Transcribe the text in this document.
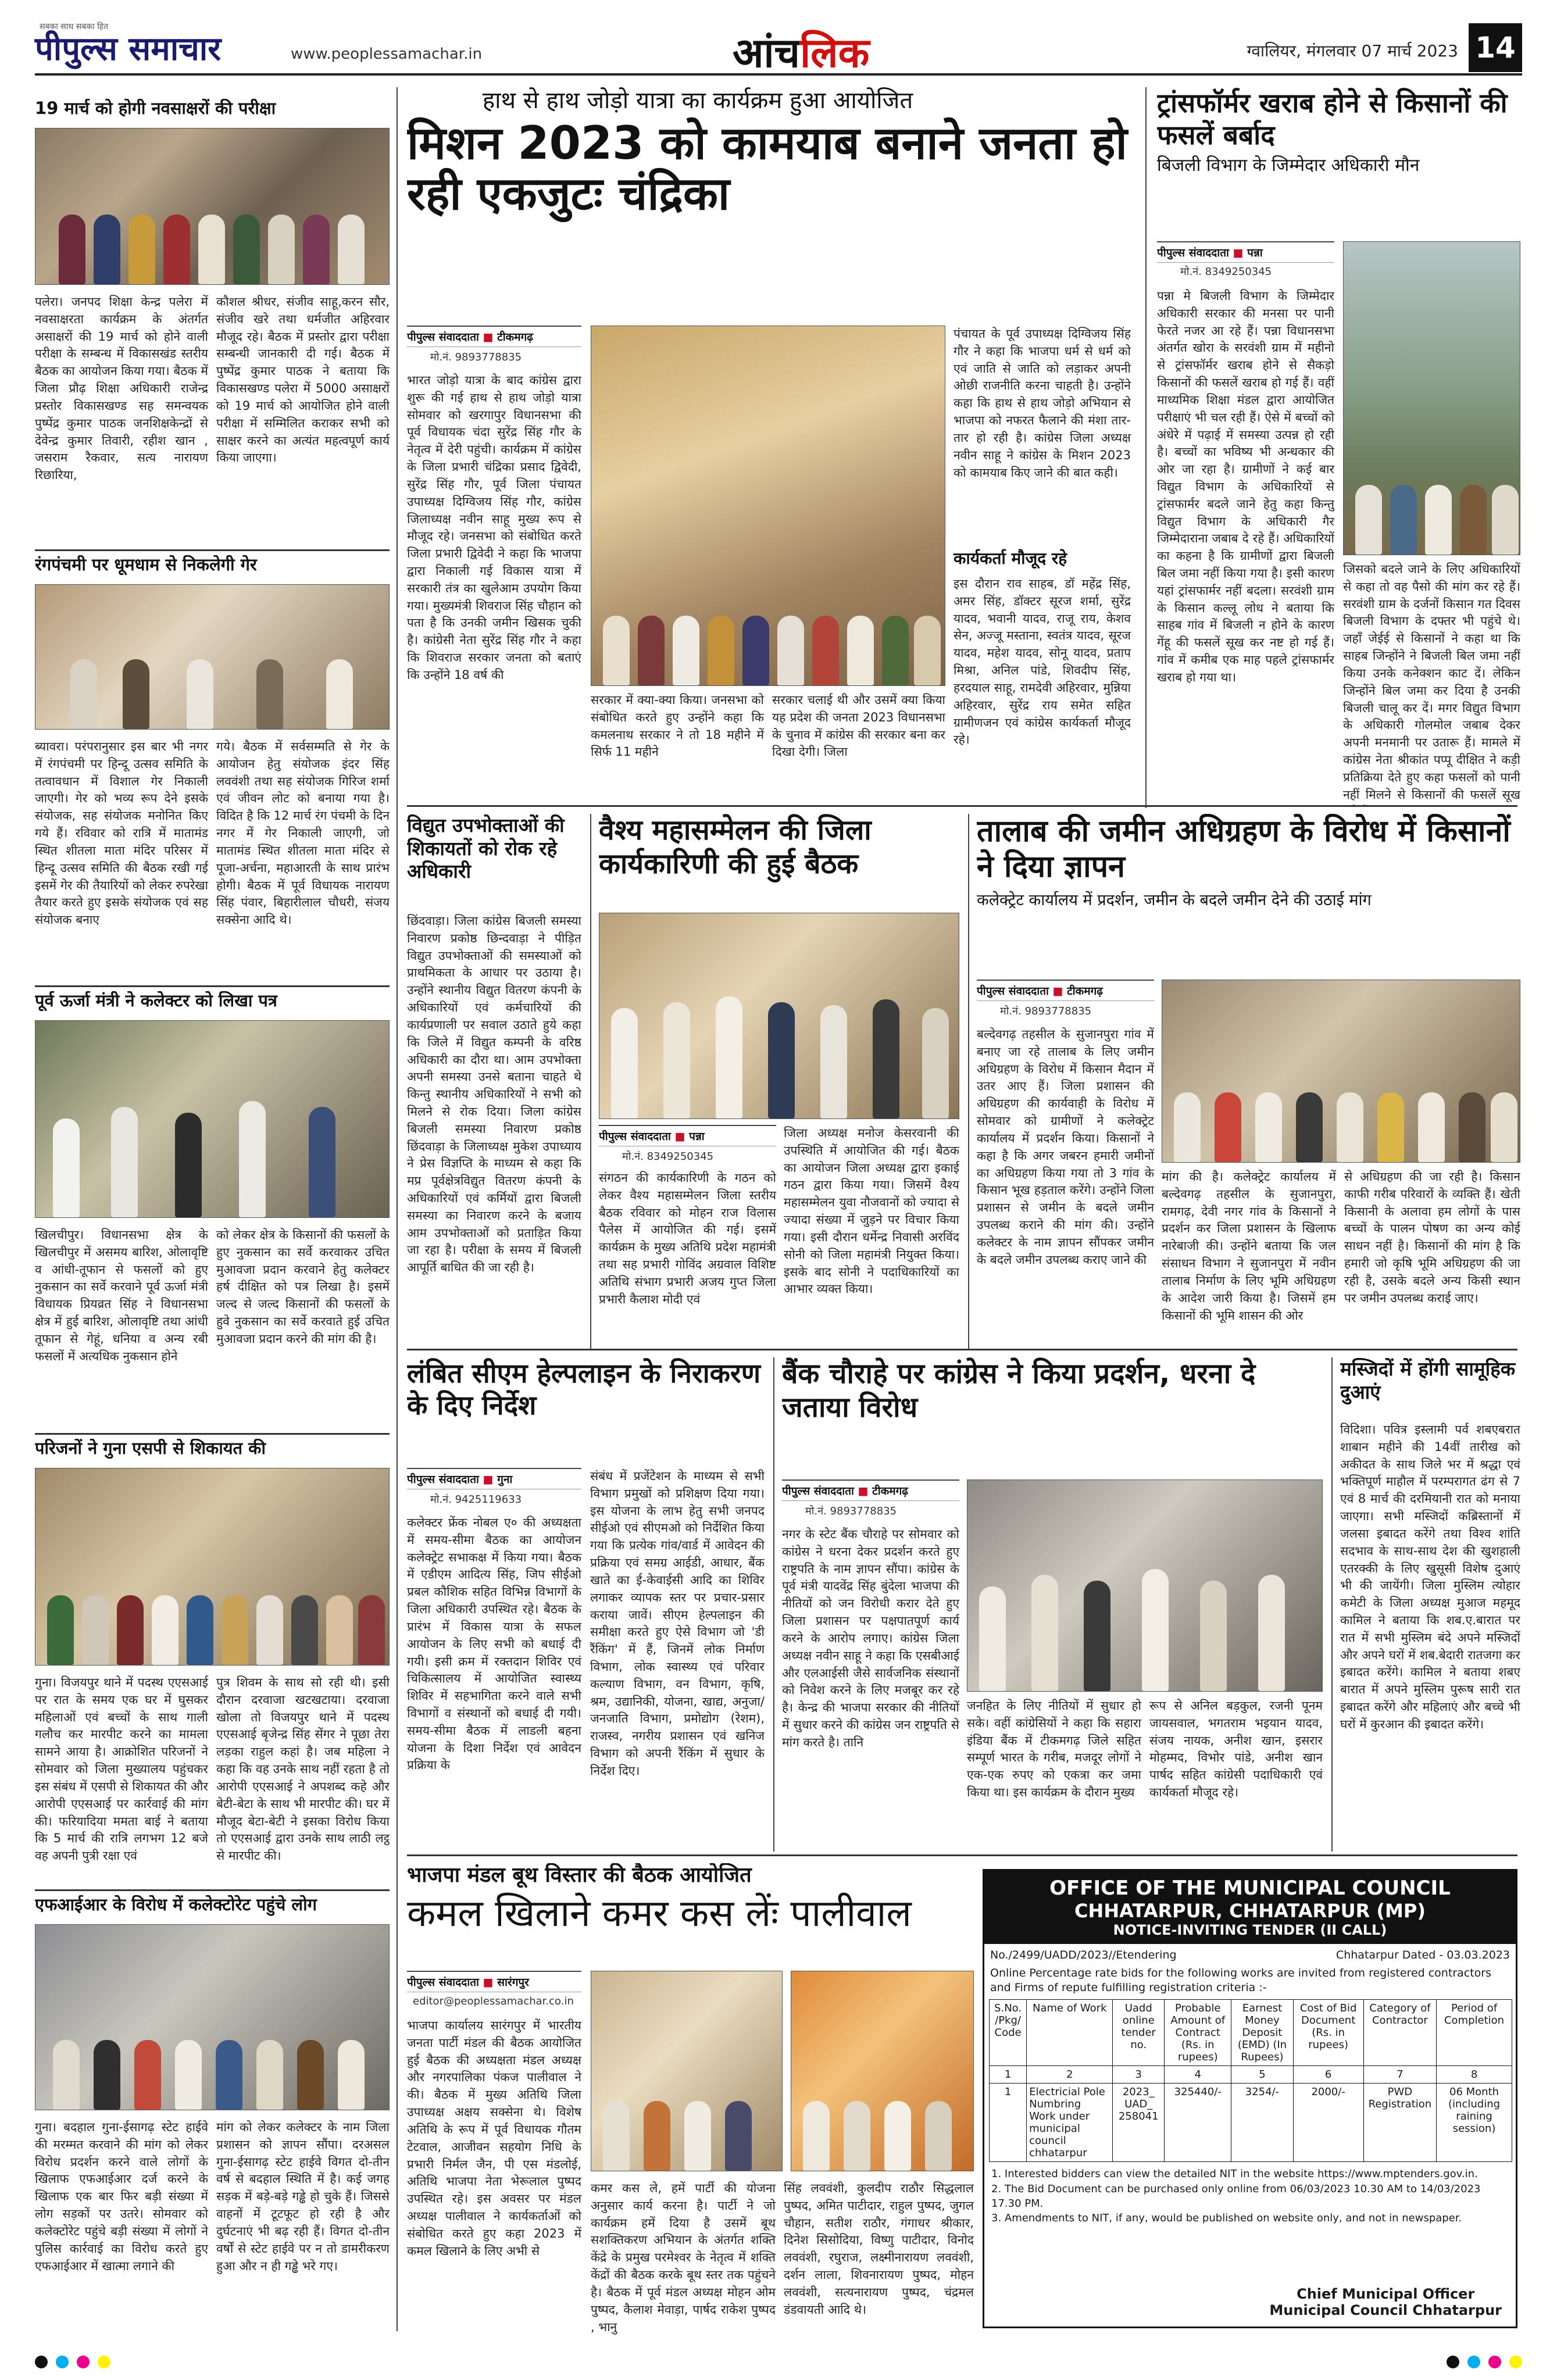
सबका साथ सबका हित
पीपुल्स समाचार	www.peoplessamachar.in	आंचलिक	ग्वालियर, मंगलवार 07 मार्च 2023 14
19 मार्च को होगी नवसाक्षरों की परीक्षा
पलेरा। जनपद शिक्षा केन्द्र पलेरा में नवसाक्षरता कार्यक्रम के अंतर्गत असाक्षरों की 19 मार्च को होने वाली परीक्षा के सम्बन्ध में विकासखंड स्तरीय बैठक का आयोजन किया गया। बैठक में जिला प्रौढ़ शिक्षा अधिकारी राजेन्द्र प्रस्तोर विकासखण्ड सह समन्वयक पुष्पेंद्र कुमार पाठक जनशिक्षकेन्द्रों से देवेन्द्र कुमार तिवारी, रहीश खान , जसराम रैकवार, सत्य नारायण रिछारिया,
कौशल श्रीधर, संजीव साहू,करन सौर, संजीव खरे तथा धर्मजीत अहिरवार मौजूद रहे। बैठक में प्रस्तोर द्वारा परीक्षा सम्बन्धी जानकारी दी गई। बैठक में पुष्पेंद्र कुमार पाठक ने बताया कि विकासखण्ड पलेरा में 5000 असाक्षरों को 19 मार्च को आयोजित होने वाली परीक्षा में सम्मिलित कराकर सभी को साक्षर करने का अत्यंत महत्वपूर्ण कार्य किया जाएगा।
रंगपंचमी पर धूमधाम से निकलेगी गेर
ब्यावरा। परंपरानुसार इस बार भी नगर में रंगपंचमी पर हिन्दू उत्सव समिति के तत्वावधान में विशाल गेर निकाली जाएगी। गेर को भव्य रूप देने इसके संयोजक, सह संयोजक मनोनित किए गये हैं। रविवार को रात्रि में मातामंड स्थित शीतला माता मंदिर परिसर में हिन्दू उत्सव समिति की बैठक रखी गई इसमें गेर की तैयारियों को लेकर रुपरेखा तैयार करते हुए इसके संयोजक एवं सह संयोजक बनाए
गये। बैठक में सर्वसम्मति से गेर के आयोजन हेतु संयोजक इंदर सिंह लववंशी तथा सह संयोजक गिरिज शर्मा एवं जीवन लोट को बनाया गया है। विदित है कि 12 मार्च रंग पंचमी के दिन नगर में गेर निकाली जाएगी, जो मातामंड स्थित शीतला माता मंदिर से पूजा-अर्चना, महाआरती के साथ प्रारंभ होगी। बैठक में पूर्व विधायक नारायण सिंह पंवार, बिहारीलाल चौधरी, संजय सक्सेना आदि थे।
पूर्व ऊर्जा मंत्री ने कलेक्टर को लिखा पत्र
खिलचीपुर। विधानसभा क्षेत्र के खिलचीपुर में असमय बारिश, ओलावृष्टि व आंधी-तूफान से फसलों को हुए नुकसान का सर्वे करवाने पूर्व ऊर्जा मंत्री विधायक प्रियव्रत सिंह ने विधानसभा क्षेत्र में हुई बारिश, ओलावृष्टि तथा आंधी तूफान से गेहूं, धनिया व अन्य रबी फसलों में अत्यधिक नुकसान होने
को लेकर क्षेत्र के किसानों की फसलों के हुए नुकसान का सर्वे करवाकर उचित मुआवजा प्रदान करवाने हेतु कलेक्टर हर्ष दीक्षित को पत्र लिखा है। इसमें जल्द से जल्द किसानों की फसलों के हुवे नुकसान का सर्वे करवाते हुई उचित मुआवजा प्रदान करने की मांग की है।
परिजनों ने गुना एसपी से शिकायत की
गुना। विजयपुर थाने में पदस्थ एएसआई पर रात के समय एक घर में घुसकर महिलाओं एवं बच्चों के साथ गाली गलौच कर मारपीट करने का मामला सामने आया है। आक्रोशित परिजनों ने सोमवार को जिला मुख्यालय पहुंचकर इस संबंध में एसपी से शिकायत की और आरोपी एएसआई पर कार्रवाई की मांग की। फरियादिया ममता बाई ने बताया कि 5 मार्च की रात्रि लगभग 12 बजे वह अपनी पुत्री रक्षा एवं
पुत्र शिवम के साथ सो रही थी। इसी दौरान दरवाजा खटखटाया। दरवाजा खोला तो विजयपुर थाने में पदस्थ एएसआई बृजेन्द्र सिंह सेंगर ने पूछा तेरा लड़का राहुल कहां है। जब महिला ने कहा कि वह उनके साथ नहीं रहता है तो आरोपी एएसआई ने अपशब्द कहे और बेटी-बेटा के साथ भी मारपीट की। घर में मौजूद बेटा-बेटी ने इसका विरोध किया तो एएसआई द्वारा उनके साथ लाठी लट्ठ से मारपीट की।
एफआईआर के विरोध में कलेक्टोरेट पहुंचे लोग
गुना। बदहाल गुना-ईसागढ़ स्टेट हाईवे की मरम्मत करवाने की मांग को लेकर विरोध प्रदर्शन करने वाले लोगों के खिलाफ एफआईआर दर्ज करने के खिलाफ एक बार फिर बड़ी संख्या में लोग सड़कों पर उतरे। सोमवार को कलेक्टोरेट पहुंचे बड़ी संख्या में लोगों ने पुलिस कार्रवाई का विरोध करते हुए एफआईआर में खात्मा लगाने की
मांग को लेकर कलेक्टर के नाम जिला प्रशासन को ज्ञापन सौंपा। दरअसल गुना-ईसागढ़ स्टेट हाईवे विगत दो-तीन वर्ष से बदहाल स्थिति में है। कई जगह सड़क में बड़े-बड़े गड्ढे हो चुके हैं। जिससे वाहनों में टूटफूट हो रही है और दुर्घटनाएं भी बढ़ रही हैं। विगत दो-तीन वर्षों से स्टेट हाईवे पर न तो डामरीकरण हुआ और न ही गड्ढे भरे गए।
हाथ से हाथ जोड़ो यात्रा का कार्यक्रम हुआ आयोजित
मिशन 2023 को कामयाब बनाने जनता हो रही एकजुटः चंद्रिका
पीपुल्स संवाददाता ■ टीकमगढ़
मो.नं. 9893778835
भारत जोड़ो यात्रा के बाद कांग्रेस द्वारा शुरू की गई हाथ से हाथ जोड़ो यात्रा सोमवार को खरगापुर विधानसभा की पूर्व विधायक चंदा सुरेंद्र सिंह गौर के नेतृत्व में देरी पहुंची। कार्यक्रम में कांग्रेस के जिला प्रभारी चंद्रिका प्रसाद द्विवेदी, सुरेंद्र सिंह गौर, पूर्व जिला पंचायत उपाध्यक्ष दिग्विजय सिंह गौर, कांग्रेस जिलाध्यक्ष नवीन साहू मुख्य रूप से मौजूद रहे। जनसभा को संबोधित करते जिला प्रभारी द्विवेदी ने कहा कि भाजपा द्वारा निकाली गई विकास यात्रा में सरकारी तंत्र का खुलेआम उपयोग किया गया। मुख्यमंत्री शिवराज सिंह चौहान को पता है कि उनकी जमीन खिसक चुकी है। कांग्रेसी नेता सुरेंद्र सिंह गौर ने कहा कि शिवराज सरकार जनता को बताएं कि उन्होंने 18 वर्ष की
सरकार में क्या-क्या किया। जनसभा को संबोधित करते हुए उन्होंने कहा कि कमलनाथ सरकार ने तो 18 महीने में सिर्फ 11 महीने
सरकार चलाई थी और उसमें क्या किया यह प्रदेश की जनता 2023 विधानसभा के चुनाव में कांग्रेस की सरकार बना कर दिखा देगी। जिला
पंचायत के पूर्व उपाध्यक्ष दिग्विजय सिंह गौर ने कहा कि भाजपा धर्म से धर्म को एवं जाति से जाति को लड़ाकर अपनी ओछी राजनीति करना चाहती है। उन्होंने कहा कि हाथ से हाथ जोड़ो अभियान से भाजपा को नफरत फैलाने की मंशा तार-तार हो रही है। कांग्रेस जिला अध्यक्ष नवीन साहू ने कांग्रेस के मिशन 2023 को कामयाब किए जाने की बात कही।
कार्यकर्ता मौजूद रहे
इस दौरान राव साहब, डॉ महेंद्र सिंह, अमर सिंह, डॉक्टर सूरज शर्मा, सुरेंद्र यादव, भवानी यादव, राजू राय, केशव सेन, अज्जू मस्ताना, स्वतंत्र यादव, सूरज यादव, महेश यादव, सोनू यादव, प्रताप मिश्रा, अनिल पांडे, शिवदीप सिंह, हरदयाल साहू, रामदेवी अहिरवार, मुन्निया अहिरवार, सुरेंद्र राय समेत सहित ग्रामीणजन एवं कांग्रेस कार्यकर्ता मौजूद रहे।
ट्रांसफॉर्मर खराब होने से किसानों की फसलें बर्बाद
बिजली विभाग के जिम्मेदार अधिकारी मौन
पीपुल्स संवाददाता ■ पन्ना
मो.नं. 8349250345
पन्ना मे बिजली विभाग के जिम्मेदार अधिकारी सरकार की मनसा पर पानी फेरते नजर आ रहे हैं। पन्ना विधानसभा अंतर्गत खोरा के सरवंशी ग्राम में महीनो से ट्रांसफॉर्मर खराब होने से सैकड़ो किसानों की फसलें खराब हो गई हैं। वहीं माध्यमिक शिक्षा मंडल द्वारा आयोजित परीक्षाएं भी चल रही हैं। ऐसे में बच्चों को अंधेरे में पढ़ाई में समस्या उत्पन्न हो रही है। बच्चों का भविष्य भी अन्धकार की ओर जा रहा है। ग्रामीणों ने कई बार विद्युत विभाग के अधिकारियों से ट्रांसफार्मर बदले जाने हेतु कहा किन्तु विद्युत विभाग के अधिकारी गैर जिम्मेदाराना जबाब दे रहे हैं। अधिकारियों का कहना है कि ग्रामीणों द्वारा बिजली बिल जमा नहीं किया गया है। इसी कारण यहां ट्रांसफार्मर नहीं बदला। सरवंशी ग्राम के किसान कल्लू लोध ने बताया कि साहब गांव में बिजली न होने के कारण गेंहू की फसलें सूख कर नष्ट हो गई हैं। गांव में कमीब एक माह पहले ट्रांसफार्मर खराब हो गया था।
जिसको बदले जाने के लिए अधिकारियों से कहा तो वह पैसो की मांग कर रहे हैं। सरवंशी ग्राम के दर्जनों किसान गत दिवस बिजली विभाग के दफ्तर भी पहुंचे थे। जहाँ जेईई से किसानों ने कहा था कि साहब जिन्होंने ने बिजली बिल जमा नहीं किया उनके कनेक्शन काट दें। लेकिन जिन्होंने बिल जमा कर दिया है उनकी बिजली चालू कर दें। मगर विद्युत विभाग के अधिकारी गोलमोल जबाब देकर अपनी मनमानी पर उतारू हैं। मामले में कांग्रेस नेता श्रीकांत पप्पू दीक्षित ने कड़ी प्रतिक्रिया देते हुए कहा फसलों को पानी नहीं मिलने से किसानों की फसलें सूख
विद्युत उपभोक्ताओं की शिकायतों को रोक रहे अधिकारी
छिंदवाड़ा। जिला कांग्रेस बिजली समस्या निवारण प्रकोष्ठ छिन्दवाड़ा ने पीड़ित विद्युत उपभोक्ताओं की समस्याओं को प्राथमिकता के आधार पर उठाया है। उन्होंने स्थानीय विद्युत वितरण कंपनी के अधिकारियों एवं कर्मचारियों की कार्यप्रणाली पर सवाल उठाते हुये कहा कि जिले में विद्युत कम्पनी के वरिष्ठ अधिकारी का दौरा था। आम उपभोक्ता अपनी समस्या उनसे बताना चाहते थे किन्तु स्थानीय अधिकारियों ने सभी को मिलने से रोक दिया। जिला कांग्रेस बिजली समस्या निवारण प्रकोष्ठ छिंदवाड़ा के जिलाध्यक्ष मुकेश उपाध्याय ने प्रेस विज्ञप्ति के माध्यम से कहा कि मप्र पूर्वक्षेत्रविद्युत वितरण कंपनी के अधिकारियों एवं कर्मियों द्वारा बिजली समस्या का निवारण करने के बजाय आम उपभोक्ताओं को प्रताड़ित किया जा रहा है। परीक्षा के समय में बिजली आपूर्ति बाधित की जा रही है।
वैश्य महासम्मेलन की जिला कार्यकारिणी की हुई बैठक
पीपुल्स संवाददाता ■ पन्ना
मो.नं. 8349250345
संगठन की कार्यकारिणी के गठन को लेकर वैश्य महासम्मेलन जिला स्तरीय बैठक रविवार को मोहन राज विलास पैलेस में आयोजित की गई। इसमें कार्यक्रम के मुख्य अतिथि प्रदेश महामंत्री तथा सह प्रभारी गोविंद अग्रवाल विशिष्ट अतिथि संभाग प्रभारी अजय गुप्त जिला प्रभारी कैलाश मोदी एवं
जिला अध्यक्ष मनोज केसरवानी की उपस्थिति में आयोजित की गई। बैठक का आयोजन जिला अध्यक्ष द्वारा इकाई गठन द्वारा किया गया। जिसमें वैश्य महासम्मेलन युवा नौजवानों को ज्यादा से ज्यादा संख्या में जुड़ने पर विचार किया गया। इसी दौरान धर्मेन्द्र निवासी अरविंद सोनी को जिला महामंत्री नियुक्त किया। इसके बाद सोनी ने पदाधिकारियों का आभार व्यक्त किया।
तालाब की जमीन अधिग्रहण के विरोध में किसानों ने दिया ज्ञापन
कलेक्ट्रेट कार्यालय में प्रदर्शन, जमीन के बदले जमीन देने की उठाई मांग
पीपुल्स संवाददाता ■ टीकमगढ़
मो.नं. 9893778835
बल्देवगढ़ तहसील के सुजानपुरा गांव में बनाए जा रहे तालाब के लिए जमीन अधिग्रहण के विरोध में किसान मैदान में उतर आए हैं। जिला प्रशासन की अधिग्रहण की कार्यवाही के विरोध में सोमवार को ग्रामीणों ने कलेक्ट्रेट कार्यालय में प्रदर्शन किया। किसानों ने कहा है कि अगर जबरन हमारी जमीनों का अधिग्रहण किया गया तो 3 गांव के किसान भूख हड़ताल करेंगे। उन्होंने जिला प्रशासन से जमीन के बदले जमीन उपलब्ध कराने की मांग की। उन्होंने कलेक्टर के नाम ज्ञापन सौंपकर जमीन के बदले जमीन उपलब्ध कराए जाने की
मांग की है। कलेक्ट्रेट कार्यालय में बल्देवगढ़ तहसील के सुजानपुरा, रामगढ़, देवी नगर गांव के किसानों ने प्रदर्शन कर जिला प्रशासन के खिलाफ नारेबाजी की। उन्होंने बताया कि जल संसाधन विभाग ने सुजानपुरा में नवीन तालाब निर्माण के लिए भूमि अधिग्रहण के आदेश जारी किया है। जिसमें हम किसानों की भूमि शासन की ओर
से अधिग्रहण की जा रही है। किसान काफी गरीब परिवारों के व्यक्ति हैं। खेती किसानी के अलावा हम लोगों के पास बच्चों के पालन पोषण का अन्य कोई साधन नहीं है। किसानों की मांग है कि हमारी जो कृषि भूमि अधिग्रहण की जा रही है, उसके बदले अन्य किसी स्थान पर जमीन उपलब्ध कराई जाए।
लंबित सीएम हेल्पलाइन के निराकरण के दिए निर्देश
पीपुल्स संवाददाता ■ गुना
मो.नं. 9425119633
कलेक्टर फ्रेंक नोबल ए० की अध्यक्षता में समय-सीमा बैठक का आयोजन कलेक्ट्रेट सभाकक्ष में किया गया। बैठक में एडीएम आदित्य सिंह, जिप सीईओ प्रबल कौशिक सहित विभिन्न विभागों के जिला अधिकारी उपस्थित रहे। बैठक के प्रारंभ में विकास यात्रा के सफल आयोजन के लिए सभी को बधाई दी गयी। इसी क्रम में रक्तदान शिविर एवं चिकित्सालय में आयोजित स्वास्थ्य शिविर में सहभागिता करने वाले सभी विभागों व संस्थानों को बधाई दी गयी। समय-सीमा बैठक में लाडली बहना योजना के दिशा निर्देश एवं आवेदन प्रक्रिया के
संबंध में प्रजेंटेशन के माध्यम से सभी विभाग प्रमुखों को प्रशिक्षण दिया गया। इस योजना के लाभ हेतु सभी जनपद सीईओ एवं सीएमओ को निर्देशित किया गया कि प्रत्येक गांव/वार्ड में आवेदन की प्रक्रिया एवं समग्र आईडी, आधार, बैंक खाते का ई-केवाईसी आदि का शिविर लगाकर व्यापक स्तर पर प्रचार-प्रसार कराया जावें। सीएम हेल्पलाइन की समीक्षा करते हुए ऐसे विभाग जो 'डी रैंकिंग' में हैं, जिनमें लोक निर्माण विभाग, लोक स्वास्थ्य एवं परिवार कल्याण विभाग, वन विभाग, कृषि, श्रम, उद्यानिकी, योजना, खाद्य, अनुजा/जनजाति विभाग, प्रमोद्योग (रेशम), राजस्व, नगरीय प्रशासन एवं खनिज विभाग को अपनी रैंकिंग में सुधार के निर्देश दिए।
बैंक चौराहे पर कांग्रेस ने किया प्रदर्शन, धरना दे जताया विरोध
पीपुल्स संवाददाता ■ टीकमगढ़
मो.नं. 9893778835
नगर के स्टेट बैंक चौराहे पर सोमवार को कांग्रेस ने धरना देकर प्रदर्शन करते हुए राष्ट्रपति के नाम ज्ञापन सौंपा। कांग्रेस के पूर्व मंत्री यादवेंद्र सिंह बुंदेला भाजपा की नीतियों को जन विरोधी करार देते हुए जिला प्रशासन पर पक्षपातपूर्ण कार्य करने के आरोप लगाए। कांग्रेस जिला अध्यक्ष नवीन साहू ने कहा कि एसबीआई और एलआईसी जैसे सार्वजनिक संस्थानों को निवेश करने के लिए मजबूर कर रहे है। केन्द्र की भाजपा सरकार की नीतियों में सुधार करने की कांग्रेस जन राष्ट्रपति से मांग करते है। तानि
जनहित के लिए नीतियों में सुधार हो सके। वहीं कांग्रेसियों ने कहा कि सहारा इंडिया बैंक में टीकमगढ़ जिले सहित सम्पूर्ण भारत के गरीब, मजदूर लोगों ने एक-एक रुपए को एकत्रा कर जमा किया था। इस कार्यक्रम के दौरान मुख्य
रूप से अनिल बड़कुल, रजनी पूनम जायसवाल, भगतराम भइयान यादव, संजय नायक, अनीश खान, इसरार मोहम्मद, विभोर पांडे, अनीश खान पार्षद सहित कांग्रेसी पदाधिकारी एवं कार्यकर्ता मौजूद रहे।
मस्जिदों में होंगी सामूहिक दुआएं
विदिशा। पवित्र इस्लामी पर्व शबएबरात शाबान महीने की 14वीं तारीख को अकीदत के साथ जिले भर में श्रद्धा एवं भक्तिपूर्ण माहौल में परम्परागत ढंग से 7 एवं 8 मार्च की दरमियानी रात को मनाया जाएगा। सभी मस्जिदों कब्रिस्तानों में जलसा इबादत करेंगे तथा विश्व शांति सदभाव के साथ-साथ देश की खुशहाली एतरक्की के लिए खुसूसी विशेष दुआएं भी की जायेंगी। जिला मुस्लिम त्योहार कमेटी के जिला अध्यक्ष मुआज महमूद कामिल ने बताया कि शब.ए.बारात पर रात में सभी मुस्लिम बंदे अपने मस्जिदों और अपने घरों में शब.बेदारी रातजगा कर इबादत करेंगे। कामिल ने बताया शबए बारात में अपने मुस्लिम पुरूष सारी रात इबादत करेंगे और महिलाएं और बच्चे भी घरों में कुरआन की इबादत करेंगे।
भाजपा मंडल बूथ विस्तार की बैठक आयोजित
कमल खिलाने कमर कस लेंः पालीवाल
पीपुल्स संवाददाता ■ सारंगपुर
editor@peoplessamachar.co.in
भाजपा कार्यालय सारंगपुर में भारतीय जनता पार्टी मंडल की बैठक आयोजित हुई बैठक की अध्यक्षता मंडल अध्यक्ष और नगरपालिका पंकज पालीवाल ने की। बैठक में मुख्य अतिथि जिला उपाध्यक्ष अक्षय सक्सेना थे। विशेष अतिथि के रूप में पूर्व विधायक गौतम टेटवाल, आजीवन सहयोग निधि के प्रभारी निर्मल जैन, पी एस मंडलोई, अतिथि भाजपा नेता भेरूलाल पुष्पद उपस्थित रहे। इस अवसर पर मंडल अध्यक्ष पालीवाल ने कार्यकर्ताओं को संबोधित करते हुए कहा 2023 में कमल खिलाने के लिए अभी से
कमर कस ले, हमें पार्टी की योजना अनुसार कार्य करना है। पार्टी ने जो कार्यक्रम हमें दिया है उसमें बूथ सशक्तिकरण अभियान के अंतर्गत शक्ति केंद्रे के प्रमुख परमेश्वर के नेतृत्व में शक्ति केंद्रों की बैठक करके बूथ स्तर तक पहुंचने है। बैठक में पूर्व मंडल अध्यक्ष मोहन ओम पुष्पद, कैलाश मेवाड़ा, पार्षद राकेश पुष्पद , भानु
सिंह लववंशी, कुलदीप राठौर सिद्धलाल पुष्पद, अमित पाटीदार, राहुल पुष्पद, जुगल चौहान, सतीश राठौर, गंगाधर श्रीकार, दिनेश सिसोदिया, विष्णु पाटीदार, विनोद लववंशी, रघुराज, लक्ष्मीनारायण लववंशी, दर्शन लाला, शिवनारायण पुष्पद, मोहन लववंशी, सत्यनारायण पुष्पद, चंद्रमल डंडवायती आदि थे।
OFFICE OF THE MUNICIPAL COUNCIL
CHHATARPUR, CHHATARPUR (MP)
NOTICE-INVITING TENDER (II CALL)
No./2499/UADD/2023//Etendering	Chhatarpur Dated - 03.03.2023
Online Percentage rate bids for the following works are invited from registered contractors and Firms of repute fulfilling registration criteria :-
S.No. /Pkg/ Code	Name of Work	Uadd online tender no.	Probable Amount of Contract (Rs. in rupees)	Earnest Money Deposit (EMD) (In Rupees)	Cost of Bid Document (Rs. in rupees)	Category of Contractor	Period of Completion
1	2	3	4	5	6	7	8
1	Electricial Pole Numbring Work under municipal council chhatarpur	2023_ UAD_ 258041	325440/-	3254/-	2000/-	PWD Registration	06 Month (including raining session)
1. Interested bidders can view the detailed NIT in the website https://www.mptenders.gov.in.
2. The Bid Document can be purchased only online from 06/03/2023 10.30 AM to 14/03/2023 17.30 PM.
3. Amendments to NIT, if any, would be published on website only, and not in newspaper.
Chief Municipal Officer
Municipal Council Chhatarpur
